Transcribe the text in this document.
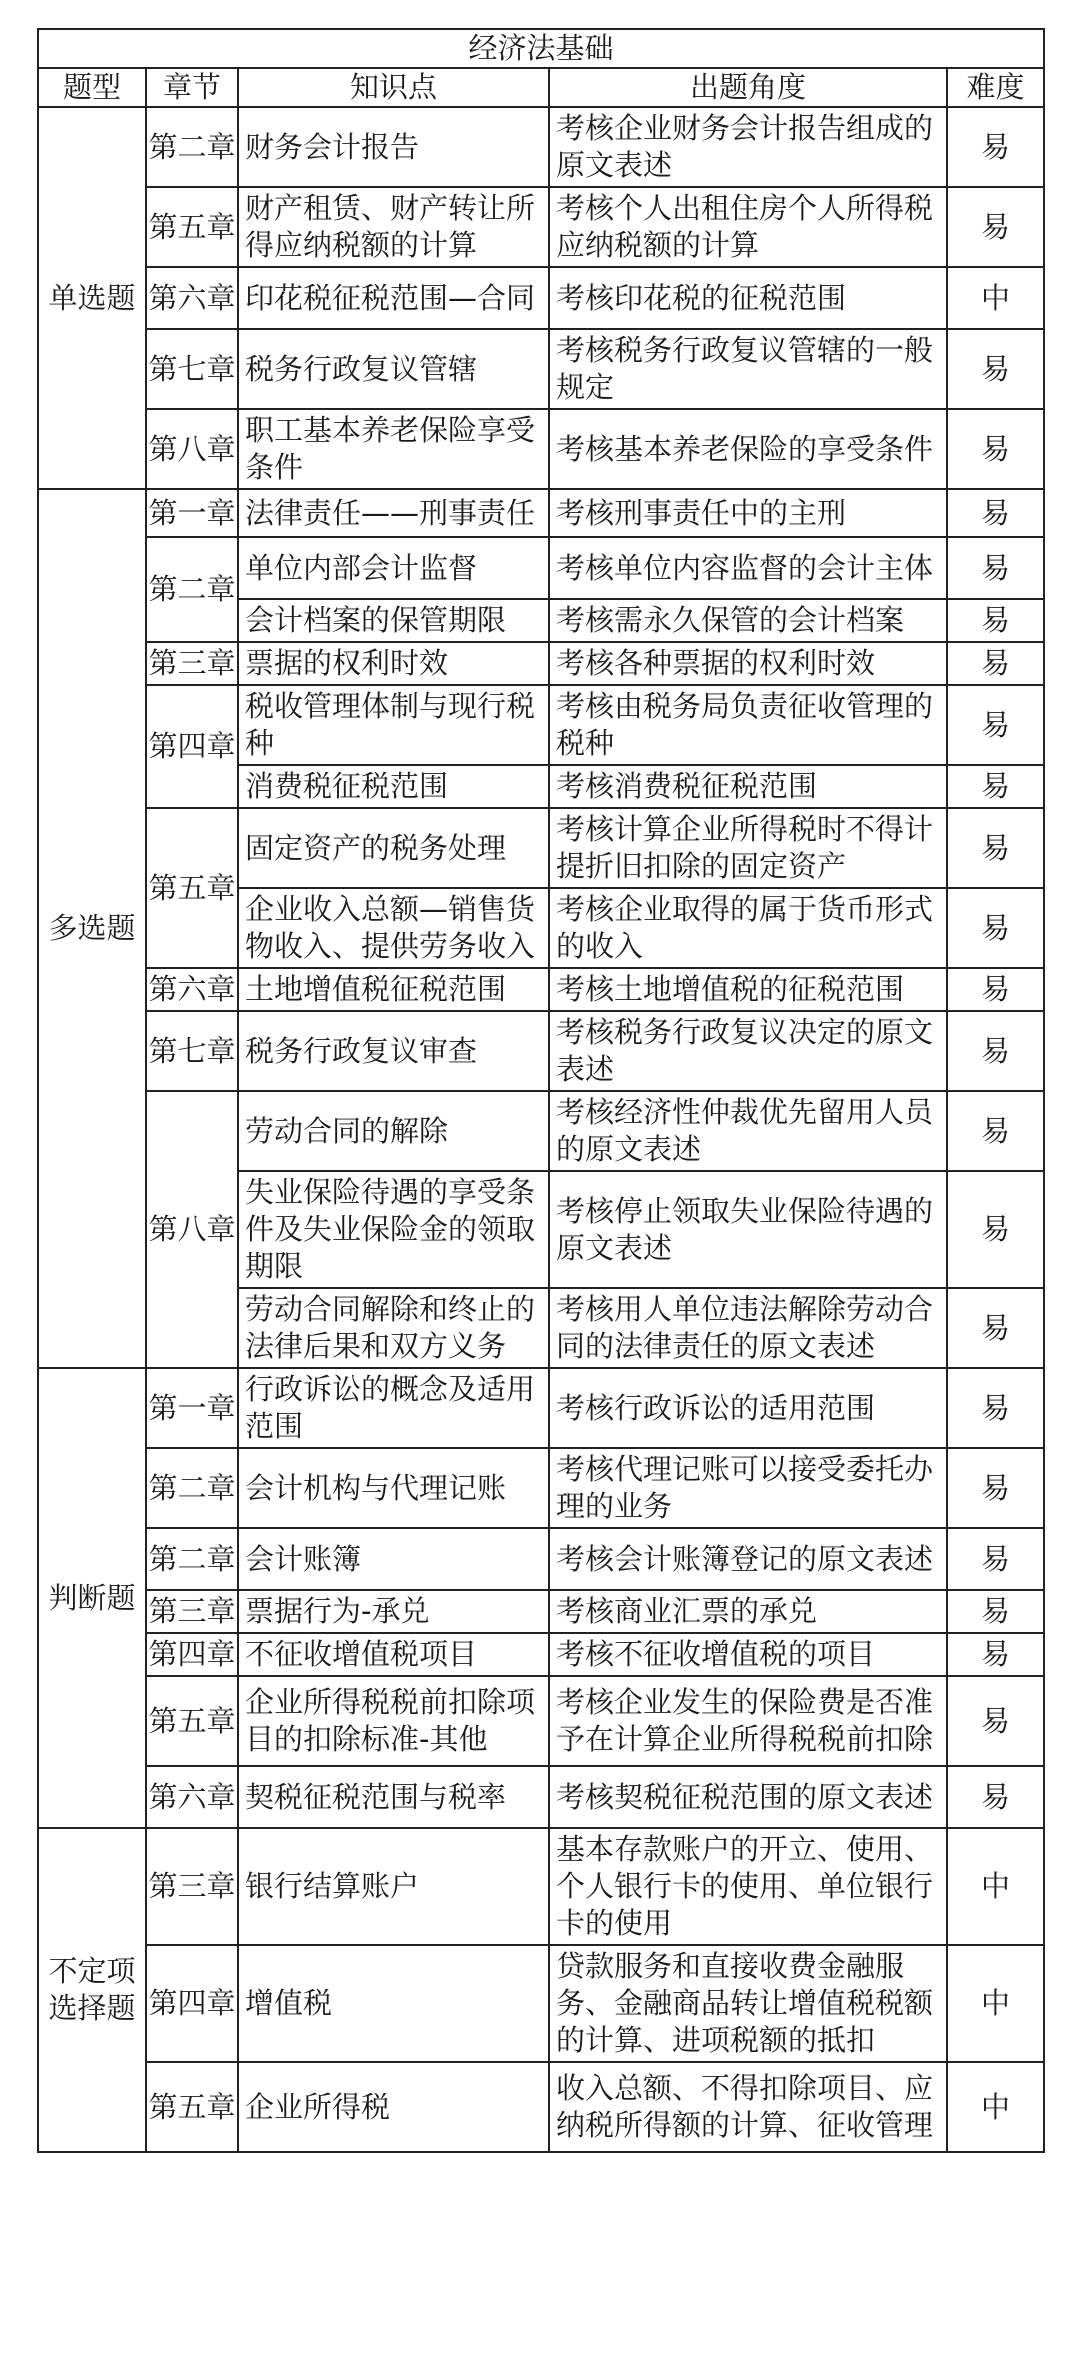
经济法基础				
题型	章节	知识点	出题角度	难度
单选题	第二章	财务会计报告	考核企业财务会计报告组成的原文表述	易
	第五章	财产租赁、财产转让所得应纳税额的计算	考核个人出租住房个人所得税应纳税额的计算	易
	第六章	印花税征税范围—合同	考核印花税的征税范围	中
	第七章	税务行政复议管辖	考核税务行政复议管辖的一般规定	易
	第八章	职工基本养老保险享受条件	考核基本养老保险的享受条件	易
多选题	第一章	法律责任——刑事责任	考核刑事责任中的主刑	易
	第二章	单位内部会计监督	考核单位内容监督的会计主体	易
		会计档案的保管期限	考核需永久保管的会计档案	易
	第三章	票据的权利时效	考核各种票据的权利时效	易
	第四章	税收管理体制与现行税种	考核由税务局负责征收管理的税种	易
		消费税征税范围	考核消费税征税范围	易
	第五章	固定资产的税务处理	考核计算企业所得税时不得计提折旧扣除的固定资产	易
		企业收入总额—销售货物收入、提供劳务收入	考核企业取得的属于货币形式的收入	易
	第六章	土地增值税征税范围	考核土地增值税的征税范围	易
	第七章	税务行政复议审查	考核税务行政复议决定的原文表述	易
	第八章	劳动合同的解除	考核经济性仲裁优先留用人员的原文表述	易
		失业保险待遇的享受条件及失业保险金的领取期限	考核停止领取失业保险待遇的原文表述	易
		劳动合同解除和终止的法律后果和双方义务	考核用人单位违法解除劳动合同的法律责任的原文表述	易
判断题	第一章	行政诉讼的概念及适用范围	考核行政诉讼的适用范围	易
	第二章	会计机构与代理记账	考核代理记账可以接受委托办理的业务	易
	第二章	会计账簿	考核会计账簿登记的原文表述	易
	第三章	票据行为-承兑	考核商业汇票的承兑	易
	第四章	不征收增值税项目	考核不征收增值税的项目	易
	第五章	企业所得税税前扣除项目的扣除标准-其他	考核企业发生的保险费是否准予在计算企业所得税税前扣除	易
	第六章	契税征税范围与税率	考核契税征税范围的原文表述	易
不定项选择题	第三章	银行结算账户	基本存款账户的开立、使用、个人银行卡的使用、单位银行卡的使用	中
	第四章	增值税	贷款服务和直接收费金融服务、金融商品转让增值税税额的计算、进项税额的抵扣	中
	第五章	企业所得税	收入总额、不得扣除项目、应纳税所得额的计算、征收管理	中
